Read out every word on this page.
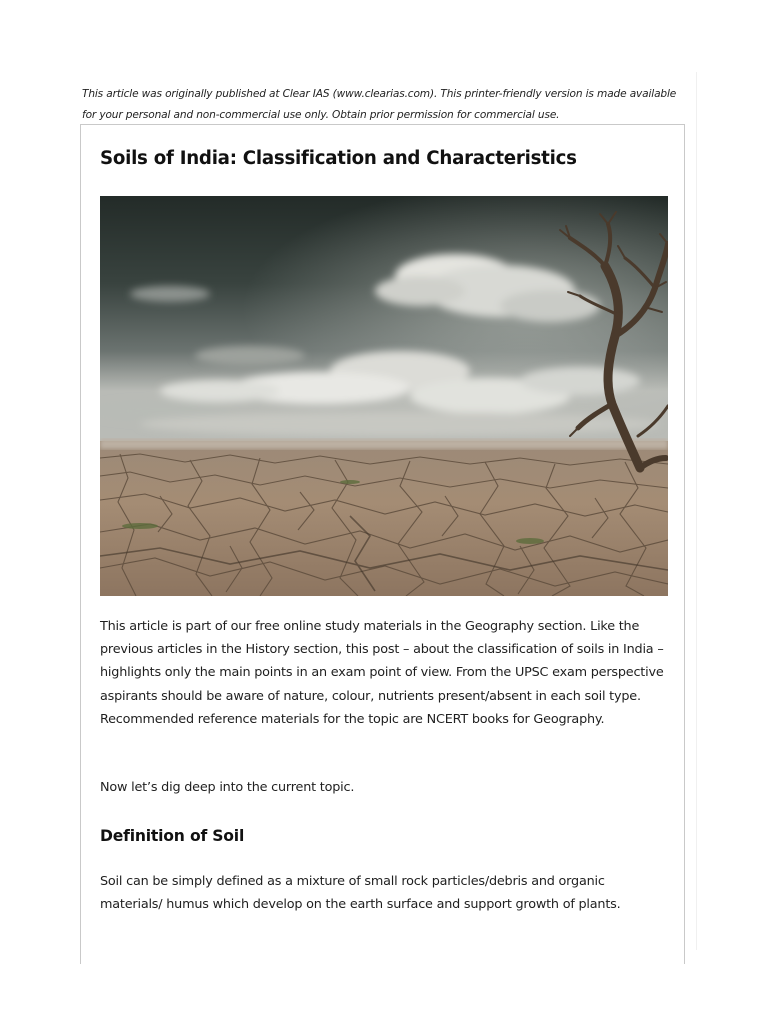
This article was originally published at Clear IAS (www.clearias.com). This printer-friendly version is made available for your personal and non-commercial use only. Obtain prior permission for commercial use.

Soils of India: Classification and Characteristics

This article is part of our free online study materials in the Geography section. Like the previous articles in the History section, this post – about the classification of soils in India – highlights only the main points in an exam point of view. From the UPSC exam perspective aspirants should be aware of nature, colour, nutrients present/absent in each soil type. Recommended reference materials for the topic are NCERT books for Geography.

Now let’s dig deep into the current topic.

Definition of Soil

Soil can be simply defined as a mixture of small rock particles/debris and organic materials/ humus which develop on the earth surface and support growth of plants.
